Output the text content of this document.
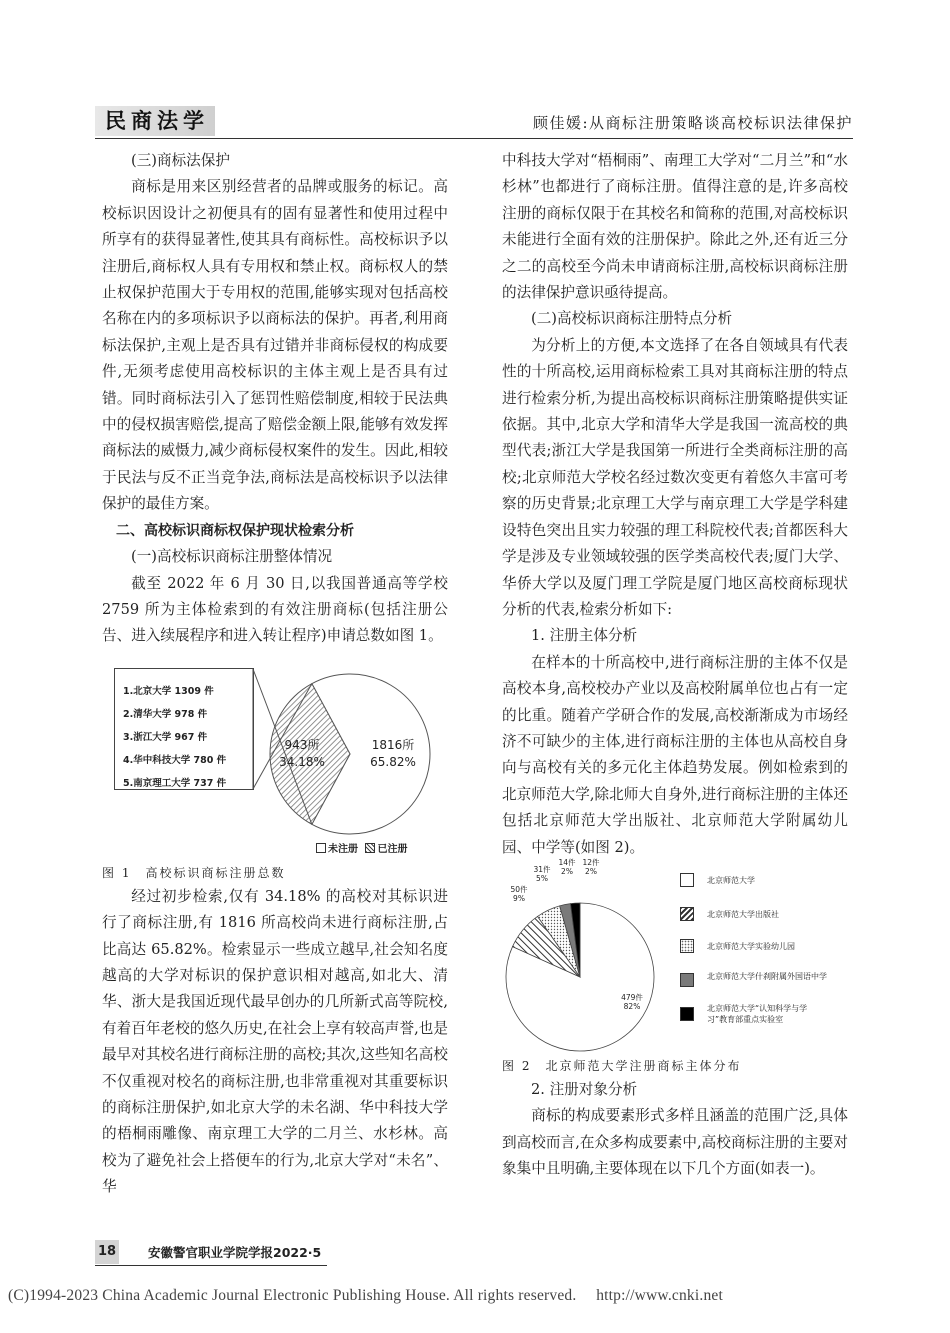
民商法学	顾佳媛:从商标注册策略谈高校标识法律保护

(三)商标法保护

商标是用来区别经营者的品牌或服务的标记。高校标识因设计之初便具有的固有显著性和使用过程中所享有的获得显著性,使其具有商标性。高校标识予以注册后,商标权人具有专用权和禁止权。商标权人的禁止权保护范围大于专用权的范围,能够实现对包括高校名称在内的多项标识予以商标法的保护。再者,利用商标法保护,主观上是否具有过错并非商标侵权的构成要件,无须考虑使用高校标识的主体主观上是否具有过错。同时商标法引入了惩罚性赔偿制度,相较于民法典中的侵权损害赔偿,提高了赔偿金额上限,能够有效发挥商标法的威慑力,减少商标侵权案件的发生。因此,相较于民法与反不正当竞争法,商标法是高校标识予以法律保护的最佳方案。

二、高校标识商标权保护现状检索分析

(一)高校标识商标注册整体情况

截至 2022 年 6 月 30 日,以我国普通高等学校 2759 所为主体检索到的有效注册商标(包括注册公告、进入续展程序和进入转让程序)申请总数如图 1。

1.北京大学 1309 件
2.清华大学 978 件
3.浙江大学 967 件
4.华中科技大学 780 件
5.南京理工大学 737 件
943所
34.18%
1816所
65.82%
未注册 已注册

图 1　高校标识商标注册总数

经过初步检索,仅有 34.18% 的高校对其标识进行了商标注册,有 1816 所高校尚未进行商标注册,占比高达 65.82%。检索显示一些成立越早,社会知名度越高的大学对标识的保护意识相对越高,如北大、清华、浙大是我国近现代最早创办的几所新式高等院校,有着百年老校的悠久历史,在社会上享有较高声誉,也是最早对其校名进行商标注册的高校;其次,这些知名高校不仅重视对校名的商标注册,也非常重视对其重要标识的商标注册保护,如北京大学的未名湖、华中科技大学的梧桐雨雕像、南京理工大学的二月兰、水杉林。高校为了避免社会上搭便车的行为,北京大学对“未名”、华

中科技大学对“梧桐雨”、南理工大学对“二月兰”和“水杉林”也都进行了商标注册。值得注意的是,许多高校注册的商标仅限于在其校名和简称的范围,对高校标识未能进行全面有效的注册保护。除此之外,还有近三分之二的高校至今尚未申请商标注册,高校标识商标注册的法律保护意识亟待提高。

(二)高校标识商标注册特点分析

为分析上的方便,本文选择了在各自领域具有代表性的十所高校,运用商标检索工具对其商标注册的特点进行检索分析,为提出高校标识商标注册策略提供实证依据。其中,北京大学和清华大学是我国一流高校的典型代表;浙江大学是我国第一所进行全类商标注册的高校;北京师范大学校名经过数次变更有着悠久丰富可考察的历史背景;北京理工大学与南京理工大学是学科建设特色突出且实力较强的理工科院校代表;首都医科大学是涉及专业领域较强的医学类高校代表;厦门大学、华侨大学以及厦门理工学院是厦门地区高校商标现状分析的代表,检索分析如下:

1. 注册主体分析

在样本的十所高校中,进行商标注册的主体不仅是高校本身,高校校办产业以及高校附属单位也占有一定的比重。随着产学研合作的发展,高校渐渐成为市场经济不可缺少的主体,进行商标注册的主体也从高校自身向与高校有关的多元化主体趋势发展。例如检索到的北京师范大学,除北师大自身外,进行商标注册的主体还包括北京师范大学出版社、北京师范大学附属幼儿园、中学等(如图 2)。

479件
82%
50件
9%
31件
5%
14件
2%
12件
2%
北京师范大学
北京师范大学出版社
北京师范大学实验幼儿园
北京师范大学什刹附属外国语中学
北京师范大学“认知科学与学习”教育部重点实验室

图 2　北京师范大学注册商标主体分布

2. 注册对象分析

商标的构成要素形式多样且涵盖的范围广泛,具体到高校而言,在众多构成要素中,高校商标注册的主要对象集中且明确,主要体现在以下几个方面(如表一)。

18	安徽警官职业学院学报2022·5
(C)1994-2023 China Academic Journal Electronic Publishing House. All rights reserved.　 http://www.cnki.net
